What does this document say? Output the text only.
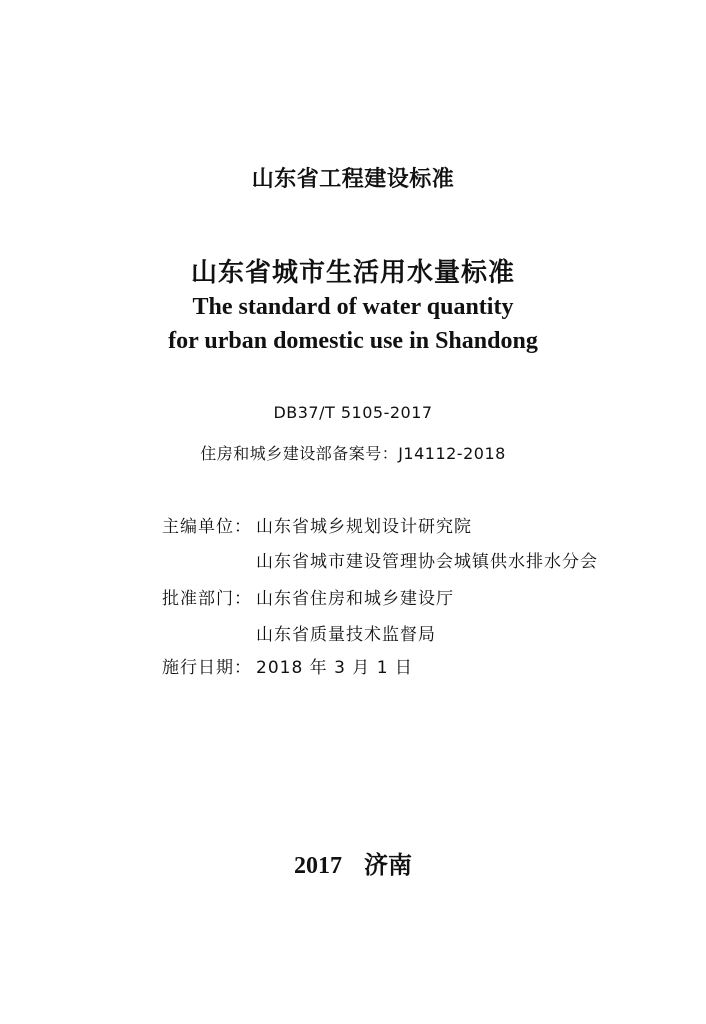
山东省工程建设标准
山东省城市生活用水量标准
The standard of water quantity
for urban domestic use in Shandong
DB37/T 5105-2017
住房和城乡建设部备案号：J14112-2018
主编单位： 山东省城乡规划设计研究院
山东省城市建设管理协会城镇供水排水分会
批准部门： 山东省住房和城乡建设厅
山东省质量技术监督局
施行日期： 2018 年 3 月 1 日
2017 济南
